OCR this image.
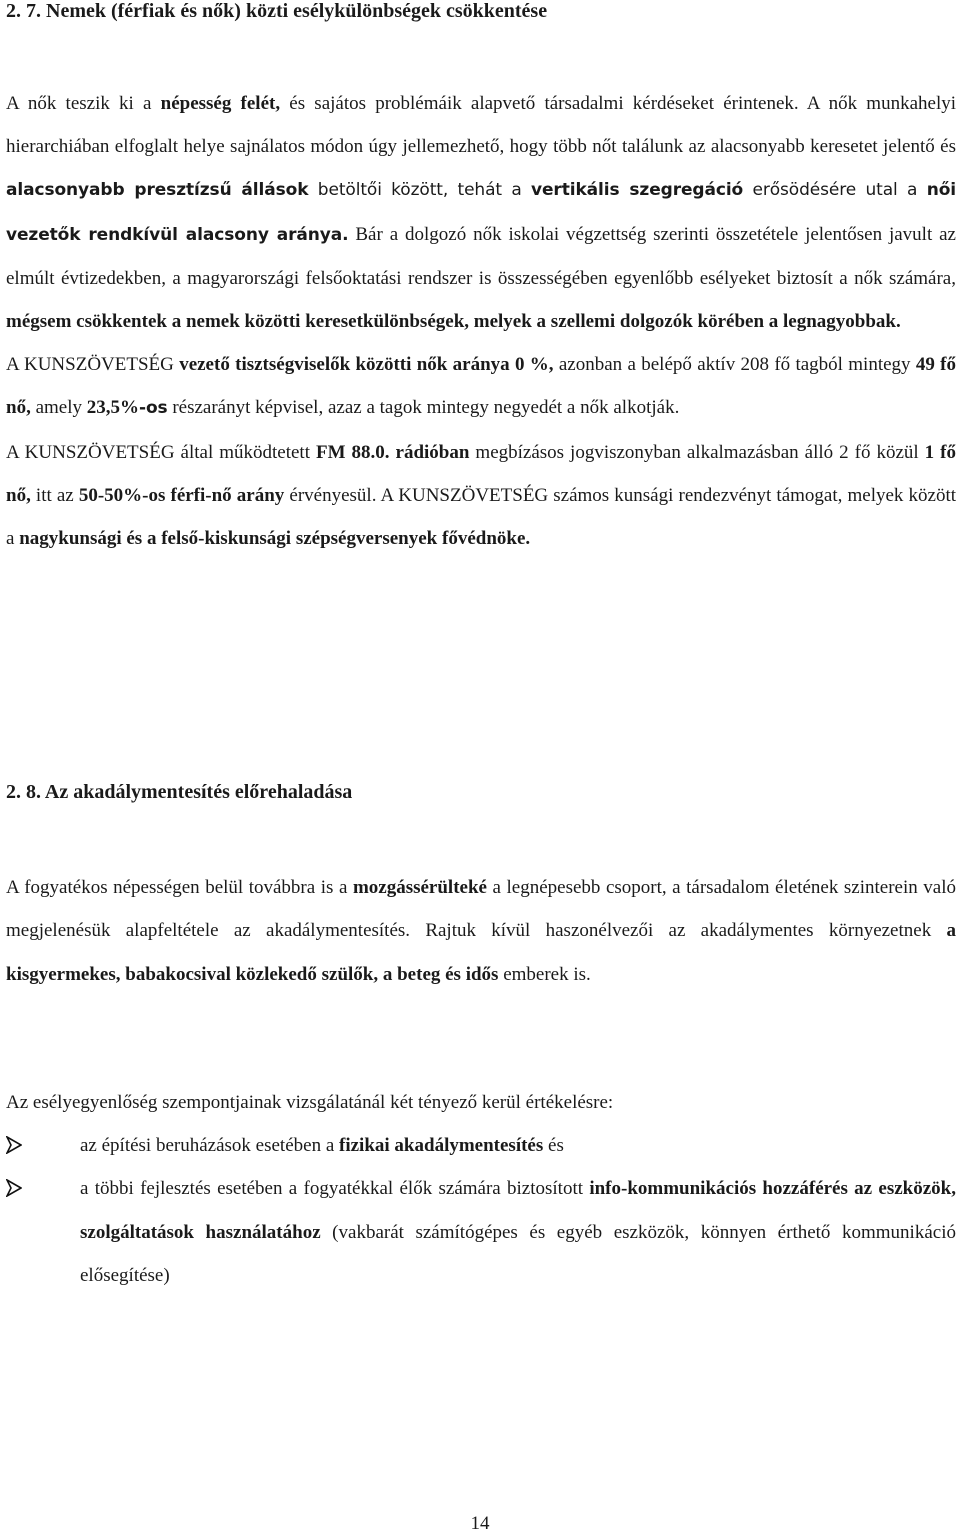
2. 7. Nemek (férfiak és nők) közti esélykülönbségek csökkentése

A nők teszik ki a népesség felét, és sajátos problémáik alapvető társadalmi kérdéseket érintenek. A nők munkahelyi hierarchiában elfoglalt helye sajnálatos módon úgy jellemezhető, hogy több nőt találunk az alacsonyabb keresetet jelentő és alacsonyabb presztízsű állások betöltői között, tehát a vertikális szegregáció erősödésére utal a női vezetők rendkívül alacsony aránya. Bár a dolgozó nők iskolai végzettség szerinti összetétele jelentősen javult az elmúlt évtizedekben, a magyarországi felsőoktatási rendszer is összességében egyenlőbb esélyeket biztosít a nők számára, mégsem csökkentek a nemek közötti keresetkülönbségek, melyek a szellemi dolgozók körében a legnagyobbak.
A KUNSZÖVETSÉG vezető tisztségviselők közötti nők aránya 0 %, azonban a belépő aktív 208 fő tagból mintegy 49 fő nő, amely 23,5%-os részarányt képvisel, azaz a tagok mintegy negyedét a nők alkotják.
A KUNSZÖVETSÉG által működtetett FM 88.0. rádióban megbízásos jogviszonyban alkalmazásban álló 2 fő közül 1 fő nő, itt az 50-50%-os férfi-nő arány érvényesül. A KUNSZÖVETSÉG számos kunsági rendezvényt támogat, melyek között a nagykunsági és a felső-kiskunsági szépségversenyek fővédnöke.

2. 8. Az akadálymentesítés előrehaladása

A fogyatékos népességen belül továbbra is a mozgássérülteké a legnépesebb csoport, a társadalom életének szinterein való megjelenésük alapfeltétele az akadálymentesítés. Rajtuk kívül haszonélvezői az akadálymentes környezetnek a kisgyermekes, babakocsival közlekedő szülők, a beteg és idős emberek is.

Az esélyegyenlőség szempontjainak vizsgálatánál két tényező kerül értékelésre:

az építési beruházások esetében a fizikai akadálymentesítés és
a többi fejlesztés esetében a fogyatékkal élők számára biztosított info-kommunikációs hozzáférés az eszközök, szolgáltatások használatához (vakbarát számítógépes és egyéb eszközök, könnyen érthető kommunikáció elősegítése)
14
